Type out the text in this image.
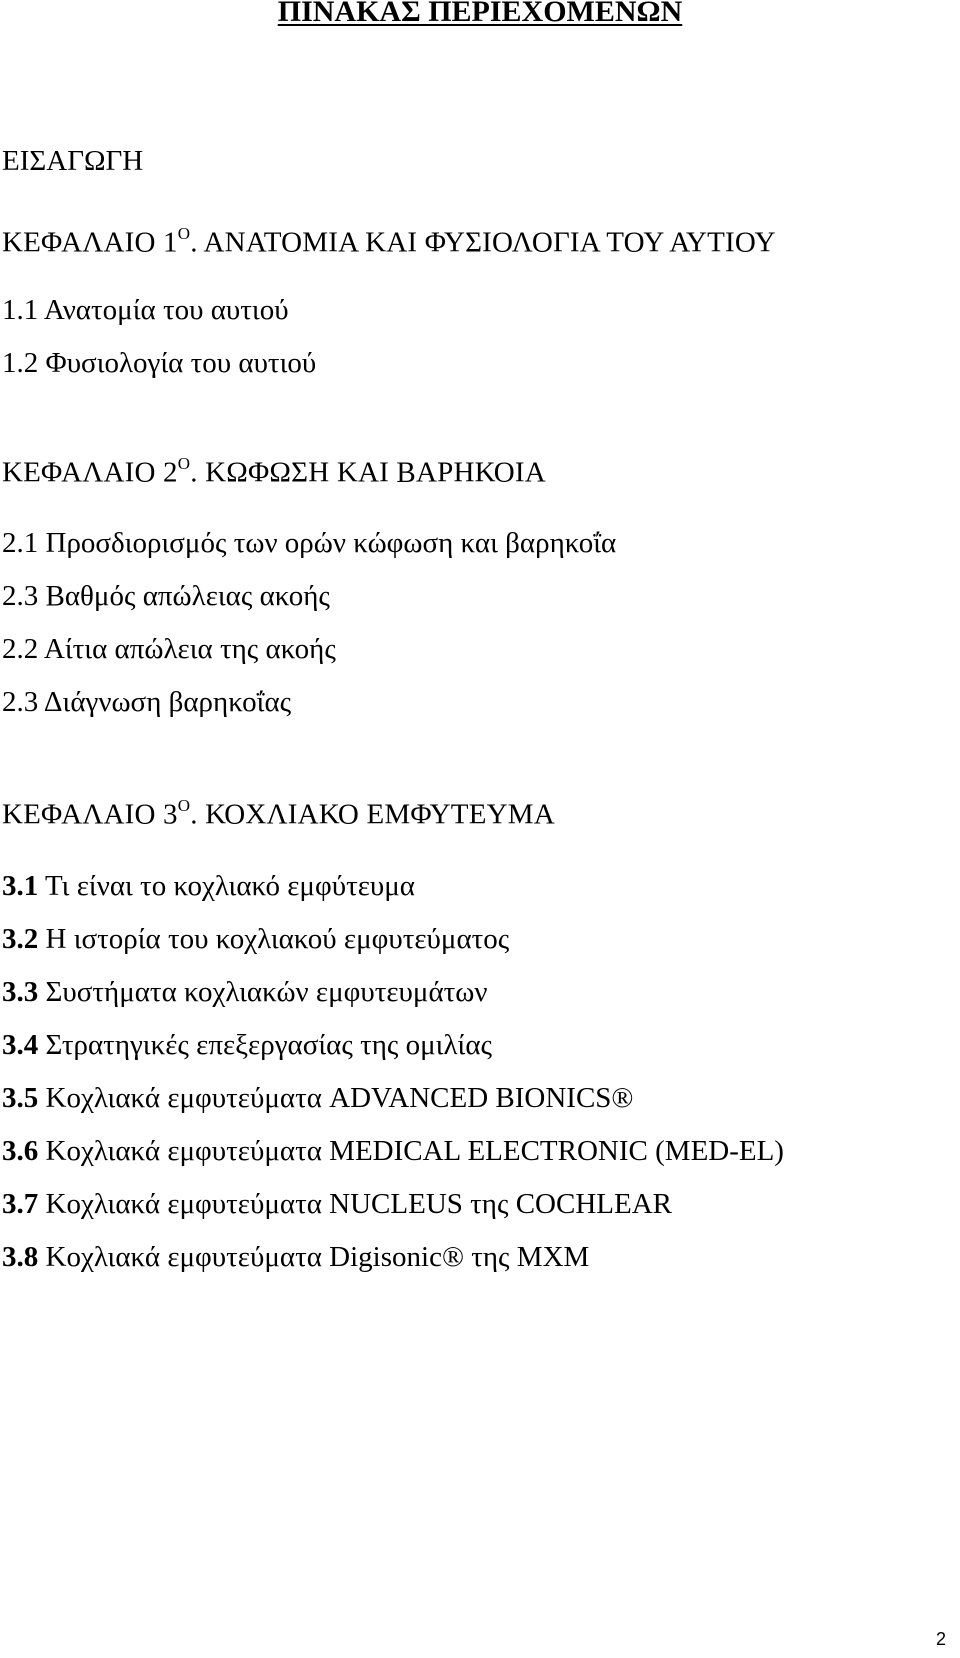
ΠΙΝΑΚΑΣ ΠΕΡΙΕΧΟΜΕΝΩΝ
ΕΙΣΑΓΩΓΗ
ΚΕΦΑΛΑΙΟ $1^O$. ΑΝΑΤΟΜΙΑ ΚΑΙ ΦΥΣΙΟΛΟΓΙΑ ΤΟΥ ΑΥΤΙΟΥ
1.1 Ανατομία του αυτιού
1.2 Φυσιολογία του αυτιού
ΚΕΦΑΛΑΙΟ $2^O$. ΚΩΦΩΣΗ ΚΑΙ ΒΑΡΗΚΟΙΑ
2.1 Προσδιορισμός των ορών κώφωση και βαρηκοΐα
2.3 Βαθμός απώλειας ακοής
2.2 Αίτια απώλεια της ακοής
2.3 Διάγνωση βαρηκοΐας
ΚΕΦΑΛΑΙΟ $3^O$. ΚΟΧΛΙΑΚΟ ΕΜΦΥΤΕΥΜΑ
3.1 Τι είναι το κοχλιακό εμφύτευμα
3.2 Η ιστορία του κοχλιακού εμφυτεύματος
3.3 Συστήματα κοχλιακών εμφυτευμάτων
3.4 Στρατηγικές επεξεργασίας της ομιλίας
3.5 Κοχλιακά εμφυτεύματα ADVANCED BIONICS®
3.6 Κοχλιακά εμφυτεύματα MEDICAL ELECTRONIC (MED-EL)
3.7 Κοχλιακά εμφυτεύματα NUCLEUS της COCHLEAR
3.8 Κοχλιακά εμφυτεύματα Digisonic® της MXM
2
